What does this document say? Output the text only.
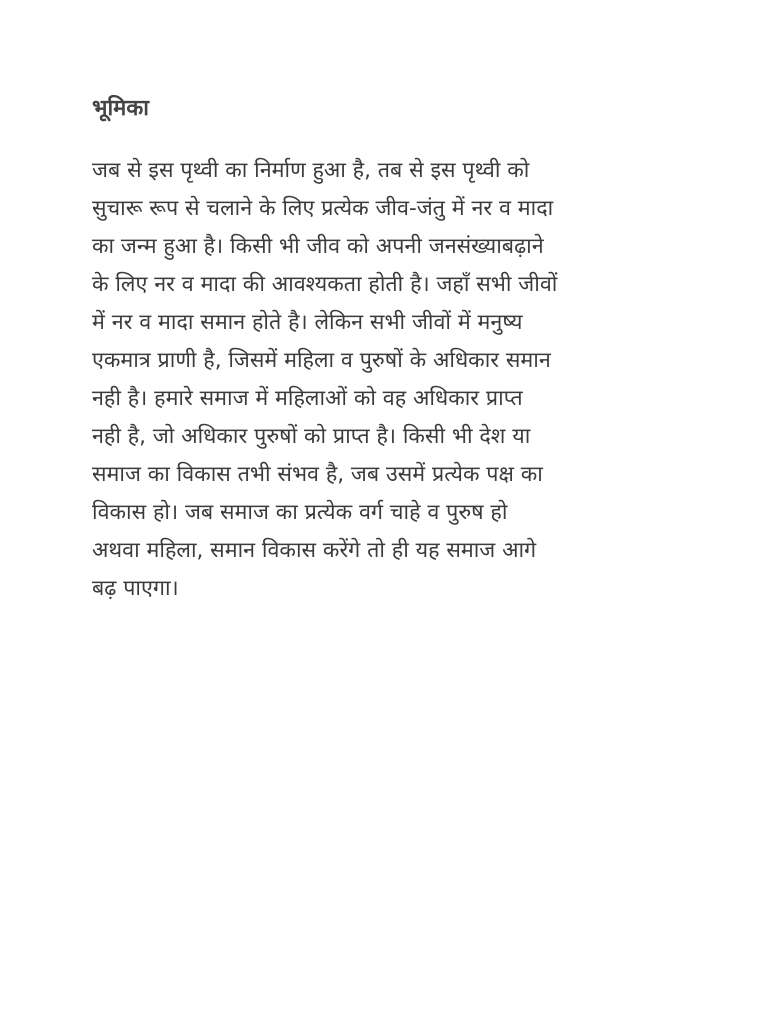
भूमिका
जब से इस पृथ्वी का निर्माण हुआ है, तब से इस पृथ्वी को
सुचारू रूप से चलाने के लिए प्रत्येक जीव-जंतु में नर व मादा
का जन्म हुआ है। किसी भी जीव को अपनी जनसंख्याबढ़ाने
के लिए नर व मादा की आवश्यकता होती है। जहाँ सभी जीवों
में नर व मादा समान होते है। लेकिन सभी जीवों में मनुष्य
एकमात्र प्राणी है, जिसमें महिला व पुरुषों के अधिकार समान
नही है। हमारे समाज में महिलाओं को वह अधिकार प्राप्त
नही है, जो अधिकार पुरुषों को प्राप्त है। किसी भी देश या
समाज का विकास तभी संभव है, जब उसमें प्रत्येक पक्ष का
विकास हो। जब समाज का प्रत्येक वर्ग चाहे व पुरुष हो
अथवा महिला, समान विकास करेंगे तो ही यह समाज आगे
बढ़ पाएगा।
